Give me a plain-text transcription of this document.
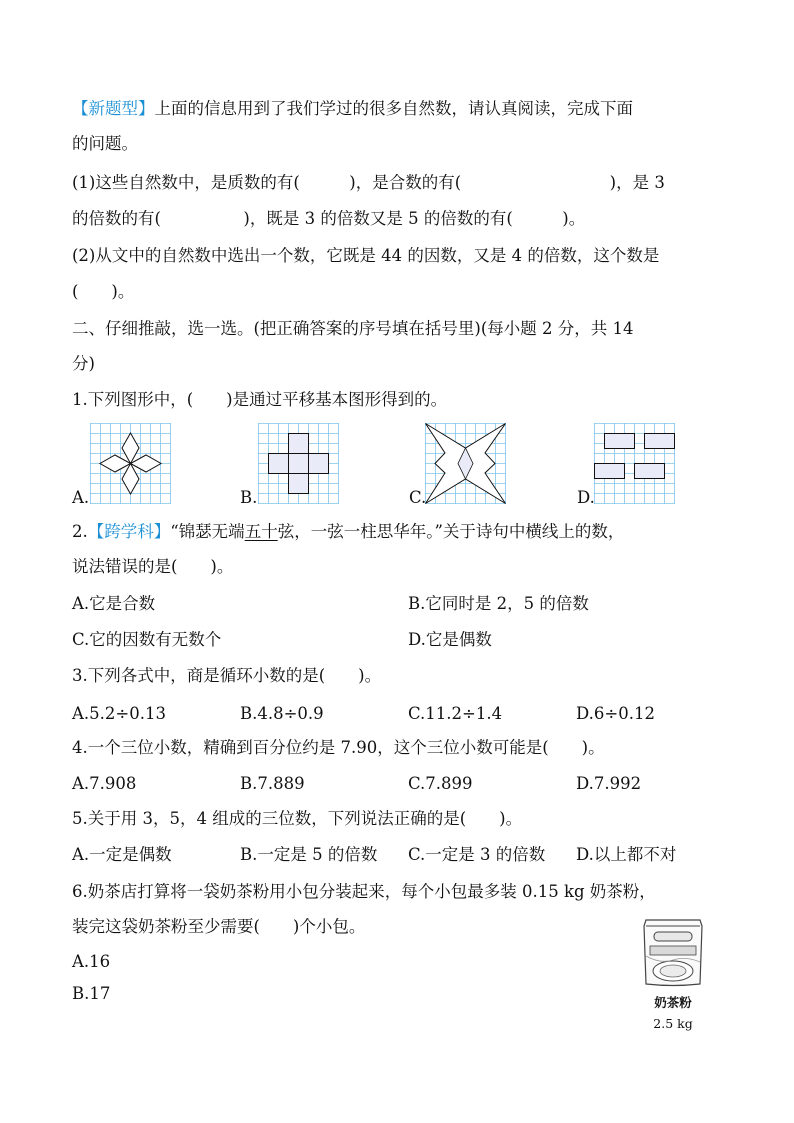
【新题型】上面的信息用到了我们学过的很多自然数，请认真阅读，完成下面
的问题。
(1)这些自然数中，是质数的有(　　　)，是合数的有(　　　　　　　　　)，是 3
的倍数的有(　　　　　)，既是 3 的倍数又是 5 的倍数的有(　　　)。
(2)从文中的自然数中选出一个数，它既是 44 的因数，又是 4 的倍数，这个数是
(　　)。
二、仔细推敲，选一选。(把正确答案的序号填在括号里)(每小题 2 分，共 14
分)
1.下列图形中，(　　)是通过平移基本图形得到的。
A.	B.	C.	D.
2.【跨学科】“锦瑟无端五十弦，一弦一柱思华年。”关于诗句中横线上的数，
说法错误的是(　　)。
A.它是合数	B.它同时是 2，5 的倍数
C.它的因数有无数个	D.它是偶数
3.下列各式中，商是循环小数的是(　　)。
A.5.2÷0.13	B.4.8÷0.9	C.11.2÷1.4	D.6÷0.12
4.一个三位小数，精确到百分位约是 7.90，这个三位小数可能是(　　)。
A.7.908	B.7.889	C.7.899	D.7.992
5.关于用 3，5，4 组成的三位数，下列说法正确的是(　　)。
A.一定是偶数	B.一定是 5 的倍数 C.一定是 3 的倍数 D.以上都不对
6.奶茶店打算将一袋奶茶粉用小包分装起来，每个小包最多装 0.15 kg 奶茶粉，
装完这袋奶茶粉至少需要(　　)个小包。
A.16
B.17	奶茶粉
2.5 kg
